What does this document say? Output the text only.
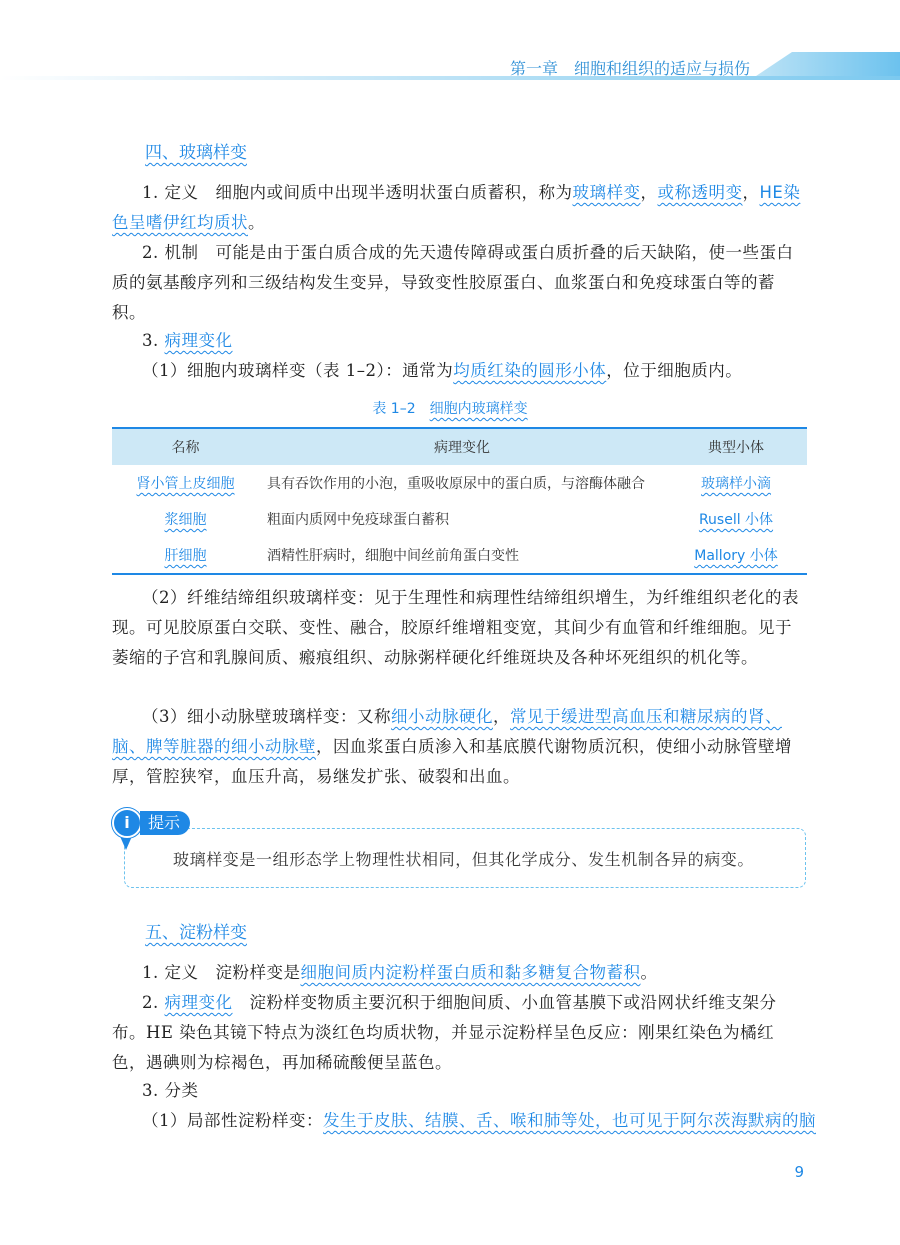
第一章　细胞和组织的适应与损伤
四、玻璃样变
1. 定义　细胞内或间质中出现半透明状蛋白质蓄积，称为玻璃样变，或称透明变，HE染色呈嗜伊红均质状。
2. 机制　可能是由于蛋白质合成的先天遗传障碍或蛋白质折叠的后天缺陷，使一些蛋白质的氨基酸序列和三级结构发生变异，导致变性胶原蛋白、血浆蛋白和免疫球蛋白等的蓄积。
3. 病理变化
（1）细胞内玻璃样变（表 1–2）：通常为均质红染的圆形小体，位于细胞质内。
表 1–2　细胞内玻璃样变
名称	病理变化	典型小体
肾小管上皮细胞	具有吞饮作用的小泡，重吸收原尿中的蛋白质，与溶酶体融合	玻璃样小滴
浆细胞	粗面内质网中免疫球蛋白蓄积	Rusell 小体
肝细胞	酒精性肝病时，细胞中间丝前角蛋白变性	Mallory 小体
（2）纤维结缔组织玻璃样变：见于生理性和病理性结缔组织增生，为纤维组织老化的表现。可见胶原蛋白交联、变性、融合，胶原纤维增粗变宽，其间少有血管和纤维细胞。见于萎缩的子宫和乳腺间质、瘢痕组织、动脉粥样硬化纤维斑块及各种坏死组织的机化等。
（3）细小动脉壁玻璃样变：又称细小动脉硬化，常见于缓进型高血压和糖尿病的肾、脑、脾等脏器的细小动脉壁，因血浆蛋白质渗入和基底膜代谢物质沉积，使细小动脉管壁增厚，管腔狭窄，血压升高，易继发扩张、破裂和出血。
玻璃样变是一组形态学上物理性状相同，但其化学成分、发生机制各异的病变。
i	提示
五、淀粉样变
1. 定义　淀粉样变是细胞间质内淀粉样蛋白质和黏多糖复合物蓄积。
2. 病理变化　淀粉样变物质主要沉积于细胞间质、小血管基膜下或沿网状纤维支架分布。HE 染色其镜下特点为淡红色均质状物，并显示淀粉样呈色反应：刚果红染色为橘红色，遇碘则为棕褐色，再加稀硫酸便呈蓝色。
3. 分类
（1）局部性淀粉样变：发生于皮肤、结膜、舌、喉和肺等处，也可见于阿尔茨海默病的脑
9
